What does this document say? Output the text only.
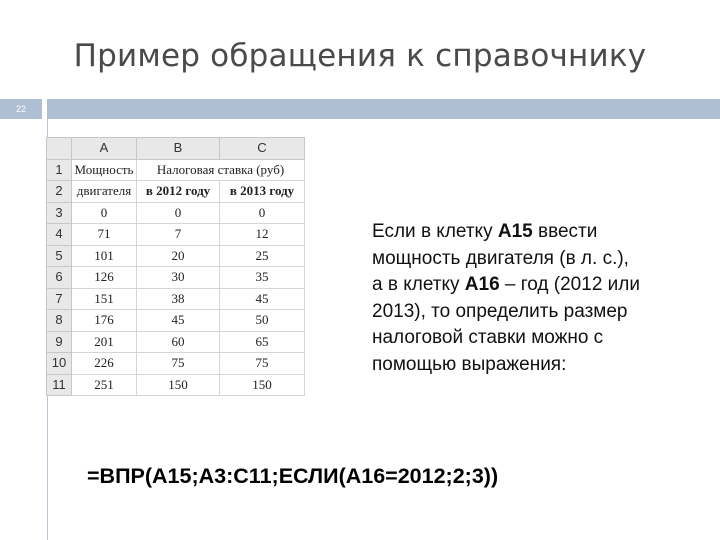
Пример обращения к справочнику
22
	A	B	C
1	Мощность	Налоговая ставка (руб)	
2	двигателя	в 2012 году	в 2013 году
3	0	0	0
4	71	7	12
5	101	20	25
6	126	30	35
7	151	38	45
8	176	45	50
9	201	60	65
10	226	75	75
11	251	150	150

Если в клетку А15 ввести мощность двигателя (в л. с.),
а в клетку А16 – год (2012 или 2013), то определить размер налоговой ставки можно с помощью выражения:

=ВПР(A15;A3:C11;ЕСЛИ(A16=2012;2;3))
